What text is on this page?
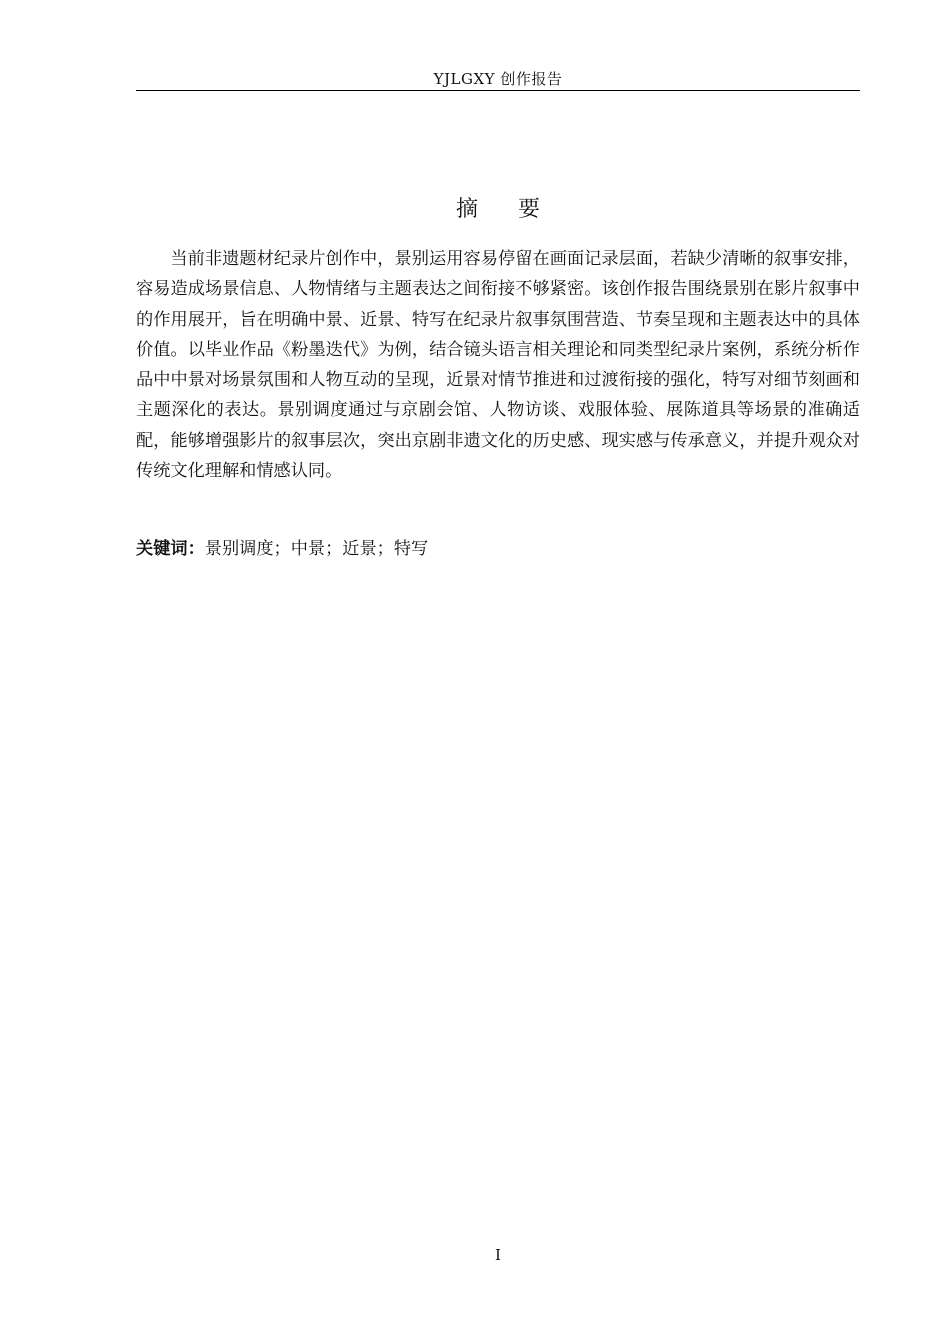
YJLGXY 创作报告
摘 要

当前非遗题材纪录片创作中，景别运用容易停留在画面记录层面，若缺少清晰的叙事安排，容易造成场景信息、人物情绪与主题表达之间衔接不够紧密。该创作报告围绕景别在影片叙事中的作用展开，旨在明确中景、近景、特写在纪录片叙事氛围营造、节奏呈现和主题表达中的具体价值。以毕业作品《粉墨迭代》为例，结合镜头语言相关理论和同类型纪录片案例，系统分析作品中中景对场景氛围和人物互动的呈现，近景对情节推进和过渡衔接的强化，特写对细节刻画和主题深化的表达。景别调度通过与京剧会馆、人物访谈、戏服体验、展陈道具等场景的准确适配，能够增强影片的叙事层次，突出京剧非遗文化的历史感、现实感与传承意义，并提升观众对传统文化理解和情感认同。

关键词：景别调度；中景；近景；特写

I
